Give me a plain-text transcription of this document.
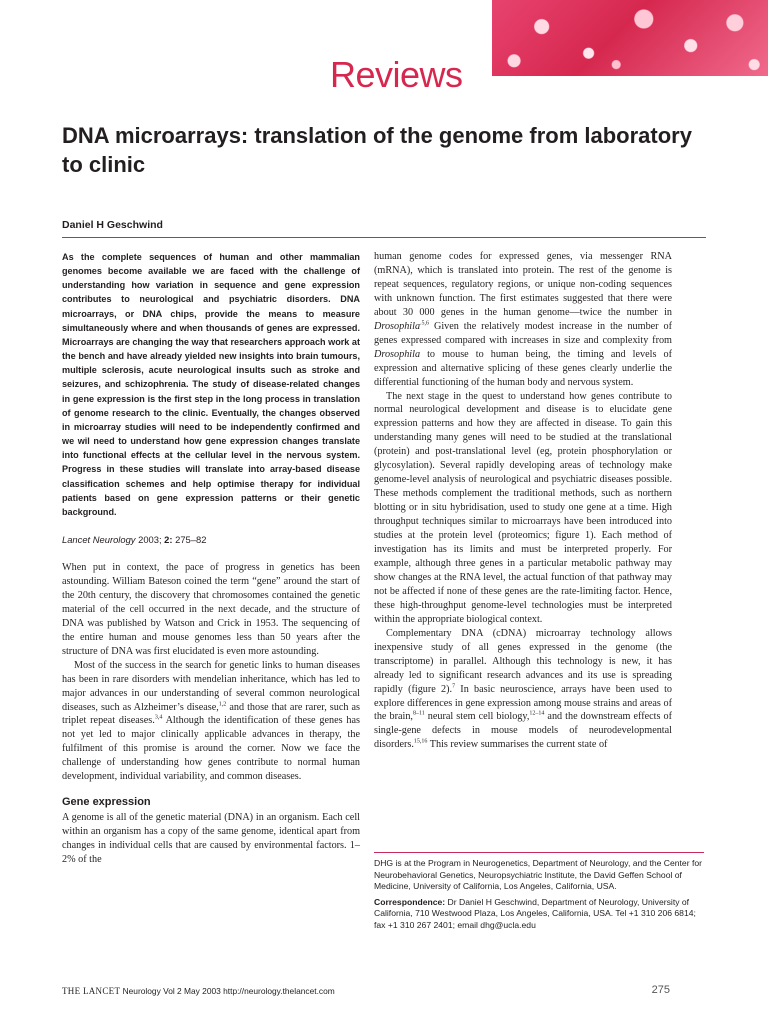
Reviews
DNA microarrays: translation of the genome from laboratory to clinic
Daniel H Geschwind

As the complete sequences of human and other mammalian genomes become available we are faced with the challenge of understanding how variation in sequence and gene expression contributes to neurological and psychiatric disorders. DNA microarrays, or DNA chips, provide the means to measure simultaneously where and when thousands of genes are expressed. Microarrays are changing the way that researchers approach work at the bench and have already yielded new insights into brain tumours, multiple sclerosis, acute neurological insults such as stroke and seizures, and schizophrenia. The study of disease-related changes in gene expression is the first step in the long process in translation of genome research to the clinic. Eventually, the changes observed in microarray studies will need to be independently confirmed and we wil need to understand how gene expression changes translate into functional effects at the cellular level in the nervous system. Progress in these studies will translate into array-based disease classification schemes and help optimise therapy for individual patients based on gene expression patterns or their genetic background.

Lancet Neurology 2003; 2: 275–82

When put in context, the pace of progress in genetics has been astounding. William Bateson coined the term “gene” around the start of the 20th century, the discovery that chromosomes contained the genetic material of the cell occurred in the next decade, and the structure of DNA was published by Watson and Crick in 1953. The sequencing of the entire human and mouse genomes less than 50 years after the structure of DNA was first elucidated is even more astounding.

Most of the success in the search for genetic links to human diseases has been in rare disorders with mendelian inheritance, which has led to major advances in our understanding of several common neurological diseases, such as Alzheimer’s disease,$^{1,2}$ and those that are rarer, such as triplet repeat diseases.$^{3,4}$ Although the identification of these genes has not yet led to major clinically applicable advances in therapy, the fulfilment of this promise is around the corner. Now we face the challenge of understanding how genes contribute to normal human development, individual variability, and common diseases.

Gene expression

A genome is all of the genetic material (DNA) in an organism. Each cell within an organism has a copy of the same genome, identical apart from changes in individual cells that are caused by environmental factors. 1–2% of the

human genome codes for expressed genes, via messenger RNA (mRNA), which is translated into protein. The rest of the genome is repeat sequences, regulatory regions, or unique non-coding sequences with unknown function. The first estimates suggested that there were about 30 000 genes in the human genome—twice the number in Drosophila$^{.5,6}$ Given the relatively modest increase in the number of genes expressed compared with increases in size and complexity from Drosophila to mouse to human being, the timing and levels of expression and alternative splicing of these genes clearly underlie the differential functioning of the human body and nervous system.

The next stage in the quest to understand how genes contribute to normal neurological development and disease is to elucidate gene expression patterns and how they are affected in disease. To gain this understanding many genes will need to be studied at the translational (protein) and post-translational level (eg, protein phosphorylation or glycosylation). Several rapidly developing areas of technology make genome-level analysis of neurological and psychiatric diseases possible. These methods complement the traditional methods, such as northern blotting or in situ hybridisation, used to study one gene at a time. High throughput techniques similar to microarrays have been introduced into studies at the protein level (proteomics; figure 1). Each method of investigation has its limits and must be interpreted properly. For example, although three genes in a particular metabolic pathway may show changes at the RNA level, the actual function of that pathway may not be affected if none of these genes are the rate-limiting factor. Hence, these high-throughput genome-level technologies must be interpreted within the appropriate biological context.

Complementary DNA (cDNA) microarray technology allows inexpensive study of all genes expressed in the genome (the transcriptome) in parallel. Although this technology is new, it has already led to significant research advances and its use is spreading rapidly (figure 2).$^7$ In basic neuroscience, arrays have been used to explore differences in gene expression among mouse strains and areas of the brain,$^{8-11}$ neural stem cell biology,$^{12-14}$ and the downstream effects of single-gene defects in mouse models of neurodevelopmental disorders.$^{15,16}$ This review summarises the current state of

DHG is at the Program in Neurogenetics, Department of Neurology, and the Center for Neurobehavioral Genetics, Neuropsychiatric Institute, the David Geffen School of Medicine, University of California, Los Angeles, California, USA.

Correspondence: Dr Daniel H Geschwind, Department of Neurology, University of California, 710 Westwood Plaza, Los Angeles, California, USA. Tel +1 310 206 6814; fax +1 310 267 2401; email dhg@ucla.edu

THE LANCET Neurology Vol 2 May 2003 http://neurology.thelancet.com	275
